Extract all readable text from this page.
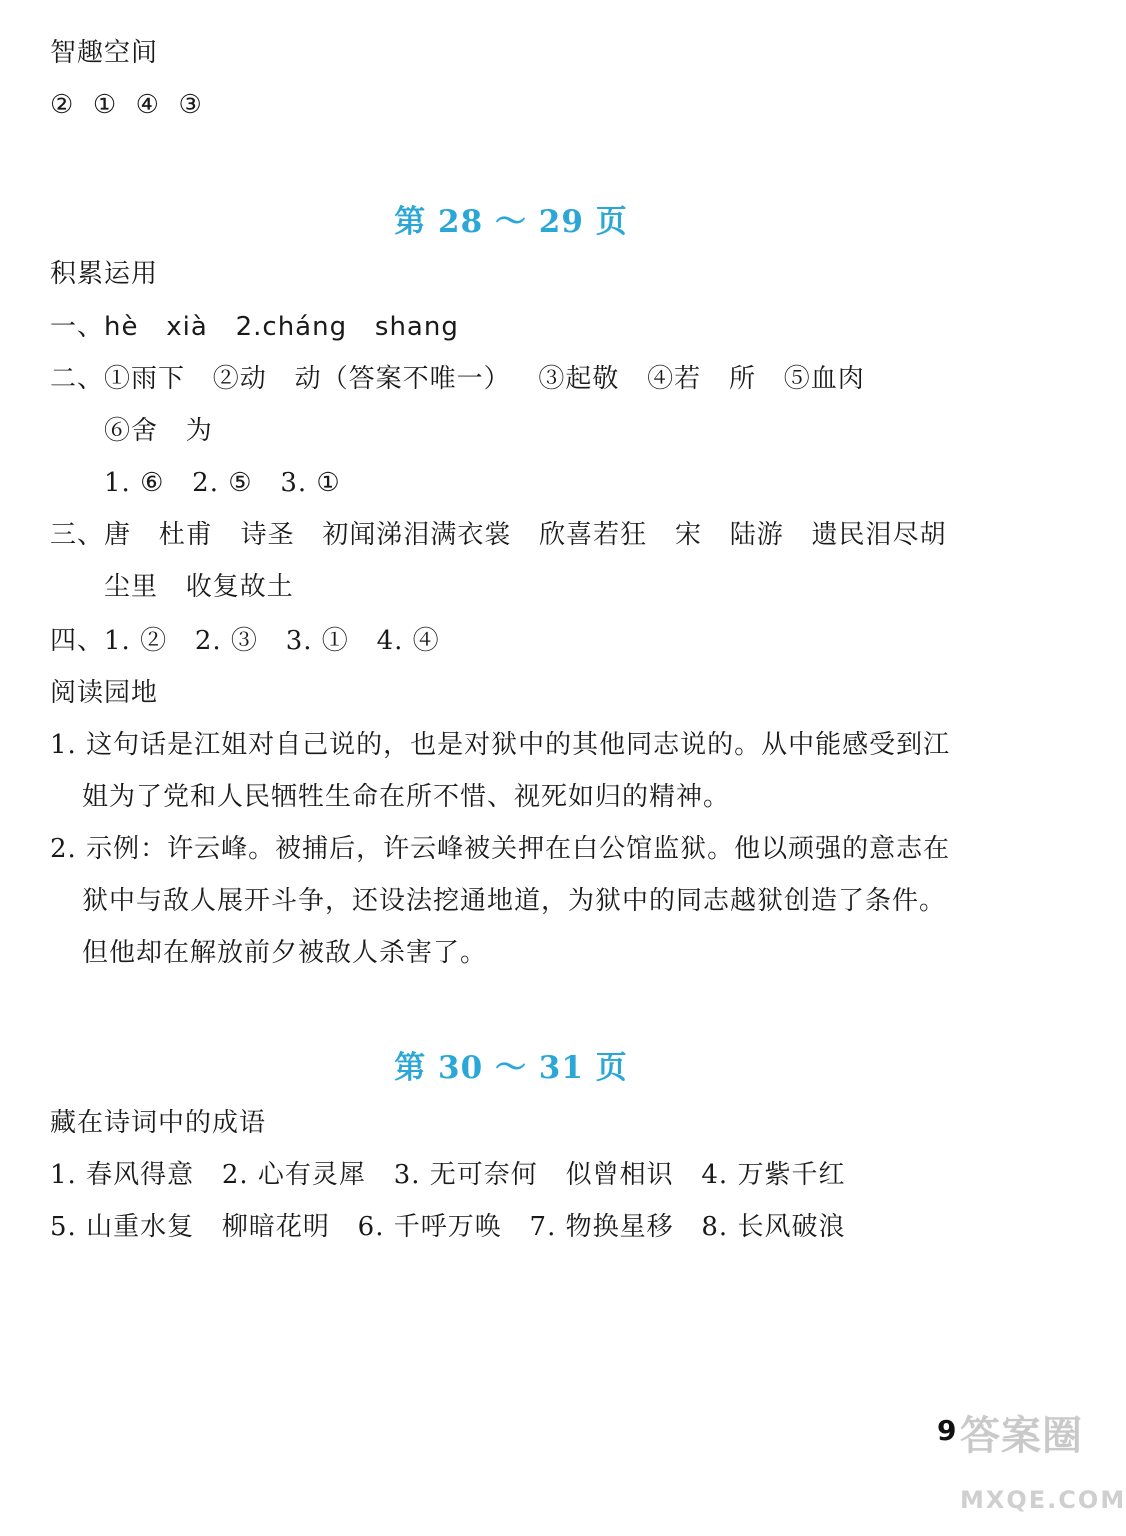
智趣空间
②  ①  ④  ③
第 28 ～ 29 页
积累运用
一、hè   xià   2.cháng   shang
二、①雨下   ②动   动（答案不唯一）   ③起敬   ④若   所   ⑤血肉
⑥舍   为
1. ⑥   2. ⑤   3. ①
三、唐   杜甫   诗圣   初闻涕泪满衣裳   欣喜若狂   宋   陆游   遗民泪尽胡
尘里   收复故土
四、1. ②   2. ③   3. ①   4. ④
阅读园地
1. 这句话是江姐对自己说的，也是对狱中的其他同志说的。从中能感受到江
姐为了党和人民牺牲生命在所不惜、视死如归的精神。
2. 示例：许云峰。被捕后，许云峰被关押在白公馆监狱。他以顽强的意志在
狱中与敌人展开斗争，还设法挖通地道，为狱中的同志越狱创造了条件。
但他却在解放前夕被敌人杀害了。
第 30 ～ 31 页
藏在诗词中的成语
1. 春风得意   2. 心有灵犀   3. 无可奈何   似曾相识   4. 万紫千红
5. 山重水复   柳暗花明   6. 千呼万唤   7. 物换星移   8. 长风破浪
9 答案圈
MXQE.COM
